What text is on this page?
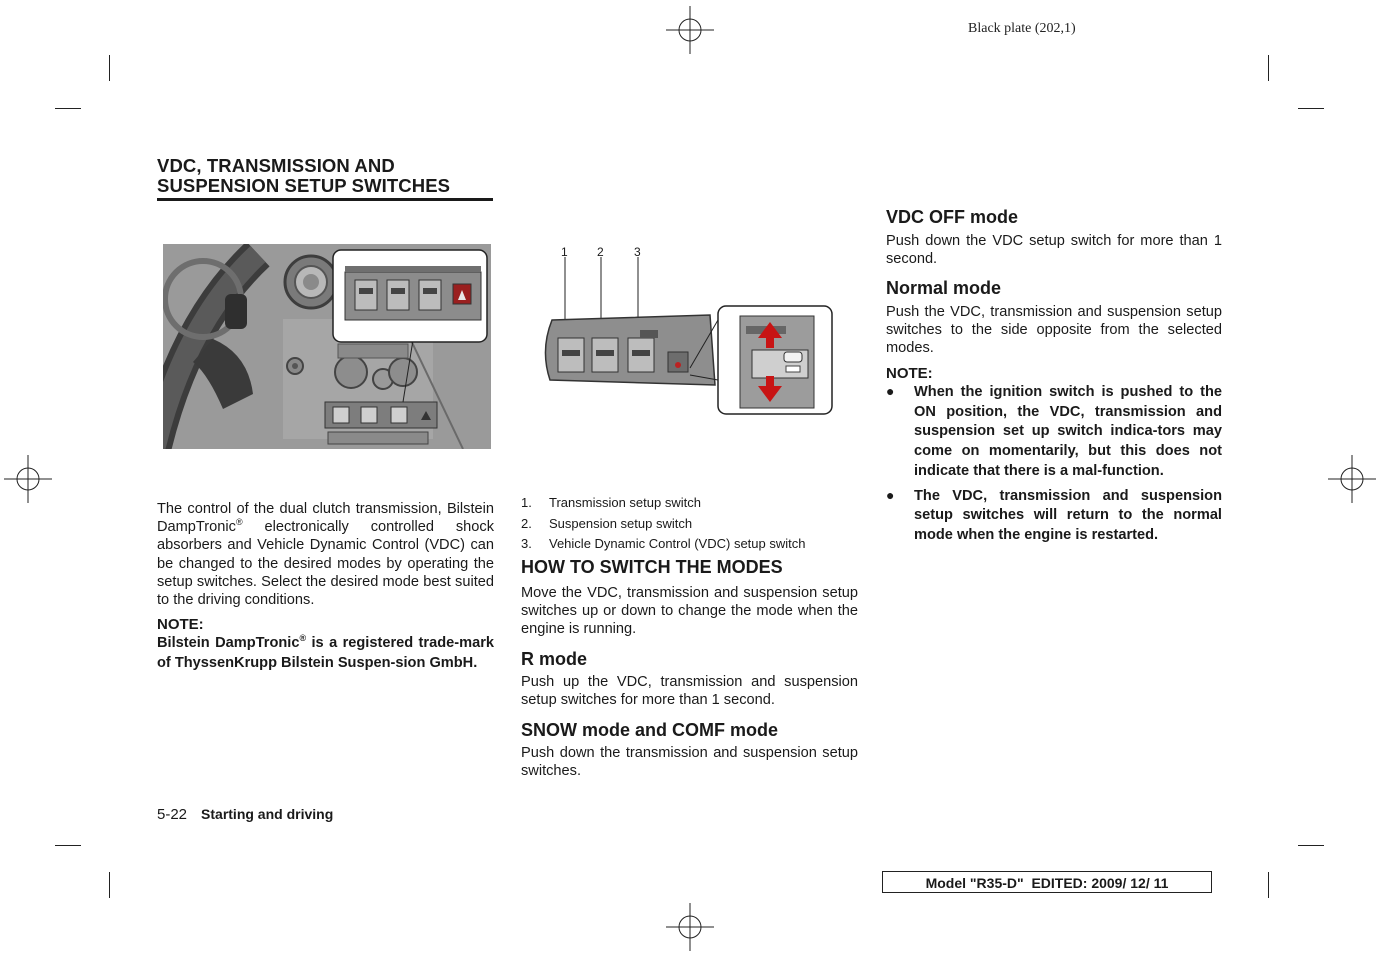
Black plate (202,1)
VDC, TRANSMISSION AND
SUSPENSION SETUP SWITCHES
1 2	3
The control of the dual clutch transmission, Bilstein DampTronic® electronically controlled shock absorbers and Vehicle Dynamic Control (VDC) can be changed to the desired modes by operating the setup switches. Select the desired mode best suited to the driving conditions.
NOTE:
Bilstein DampTronic® is a registered trade-mark of ThyssenKrupp Bilstein Suspen-sion GmbH.
1.	Transmission setup switch
2.	Suspension setup switch
3.	Vehicle Dynamic Control (VDC) setup switch
HOW TO SWITCH THE MODES
Move the VDC, transmission and suspension setup switches up or down to change the mode when the engine is running.
R mode
Push up the VDC, transmission and suspension setup switches for more than 1 second.
SNOW mode and COMF mode
Push down the transmission and suspension setup switches.
VDC OFF mode
Push down the VDC setup switch for more than 1 second.
Normal mode
Push the VDC, transmission and suspension setup switches to the side opposite from the selected modes.
NOTE:
●	When the ignition switch is pushed to the ON position, the VDC, transmission and suspension set up switch indica-tors may come on momentarily, but this does not indicate that there is a mal-function.
●	The VDC, transmission and suspension setup switches will return to the normal mode when the engine is restarted.
5-22 Starting and driving
Model "R35-D" EDITED: 2009/ 12/ 11
